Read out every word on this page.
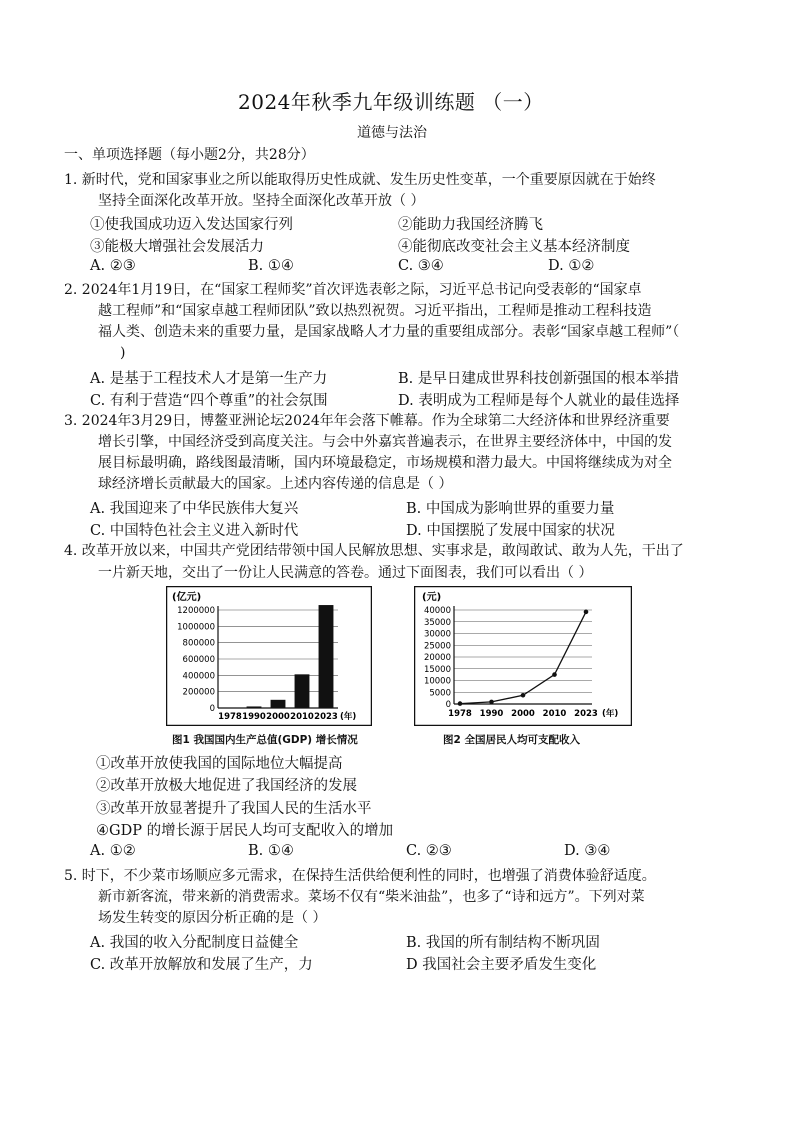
2024年秋季九年级训练题 （一）
道德与法治
一、单项选择题（每小题2分，共28分）
1. 新时代，党和国家事业之所以能取得历史性成就、发生历史性变革，一个重要原因就在于始终
坚持全面深化改革开放。坚持全面深化改革开放（ ）
①使我国成功迈入发达国家行列	②能助力我国经济腾飞
③能极大增强社会发展活力	④能彻底改变社会主义基本经济制度
A. ②③	B. ①④	C. ③④	D. ①②
2. 2024年1月19日，在“国家工程师奖”首次评选表彰之际，习近平总书记向受表彰的“国家卓
越工程师”和“国家卓越工程师团队”致以热烈祝贺。习近平指出，工程师是推动工程科技造
福人类、创造未来的重要力量，是国家战略人才力量的重要组成部分。表彰“国家卓越工程师”（
)
A. 是基于工程技术人才是第一生产力	B. 是早日建成世界科技创新强国的根本举措
C. 有利于营造“四个尊重”的社会氛围	D. 表明成为工程师是每个人就业的最佳选择
3. 2024年3月29日，博鳌亚洲论坛2024年年会落下帷幕。作为全球第二大经济体和世界经济重要
增长引擎，中国经济受到高度关注。与会中外嘉宾普遍表示，在世界主要经济体中，中国的发
展目标最明确，路线图最清晰，国内环境最稳定，市场规模和潜力最大。中国将继续成为对全
球经济增长贡献最大的国家。上述内容传递的信息是（ ）
A. 我国迎来了中华民族伟大复兴	B. 中国成为影响世界的重要力量
C. 中国特色社会主义进入新时代	D. 中国摆脱了发展中国家的状况
4. 改革开放以来，中国共产党团结带领中国人民解放思想、实事求是，敢闯敢试、敢为人先，干出了
一片新天地，交出了一份让人民满意的答卷。通过下面图表，我们可以看出（ ）
(亿元)
0
200000
400000
600000
800000
1000000
1200000
1978 1990 2000 2010 2023 (年)
图1 我国国内生产总值(GDP) 增长情况
(元)
0
5000
10000
15000
20000
25000
30000
35000
40000
1978 1990 2000 2010 2023 (年)
图2 全国居民人均可支配收入
①改革开放使我国的国际地位大幅提高
②改革开放极大地促进了我国经济的发展
③改革开放显著提升了我国人民的生活水平
④GDP 的增长源于居民人均可支配收入的增加
A. ①②	B. ①④	C. ②③	D. ③④
5. 时下，不少菜市场顺应多元需求，在保持生活供给便利性的同时，也增强了消费体验舒适度。
新市新客流，带来新的消费需求。菜场不仅有“柴米油盐”，也多了“诗和远方”。下列对菜
场发生转变的原因分析正确的是（ ）
A. 我国的收入分配制度日益健全	B. 我国的所有制结构不断巩固
C. 改革开放解放和发展了生产，力	D 我国社会主要矛盾发生变化
